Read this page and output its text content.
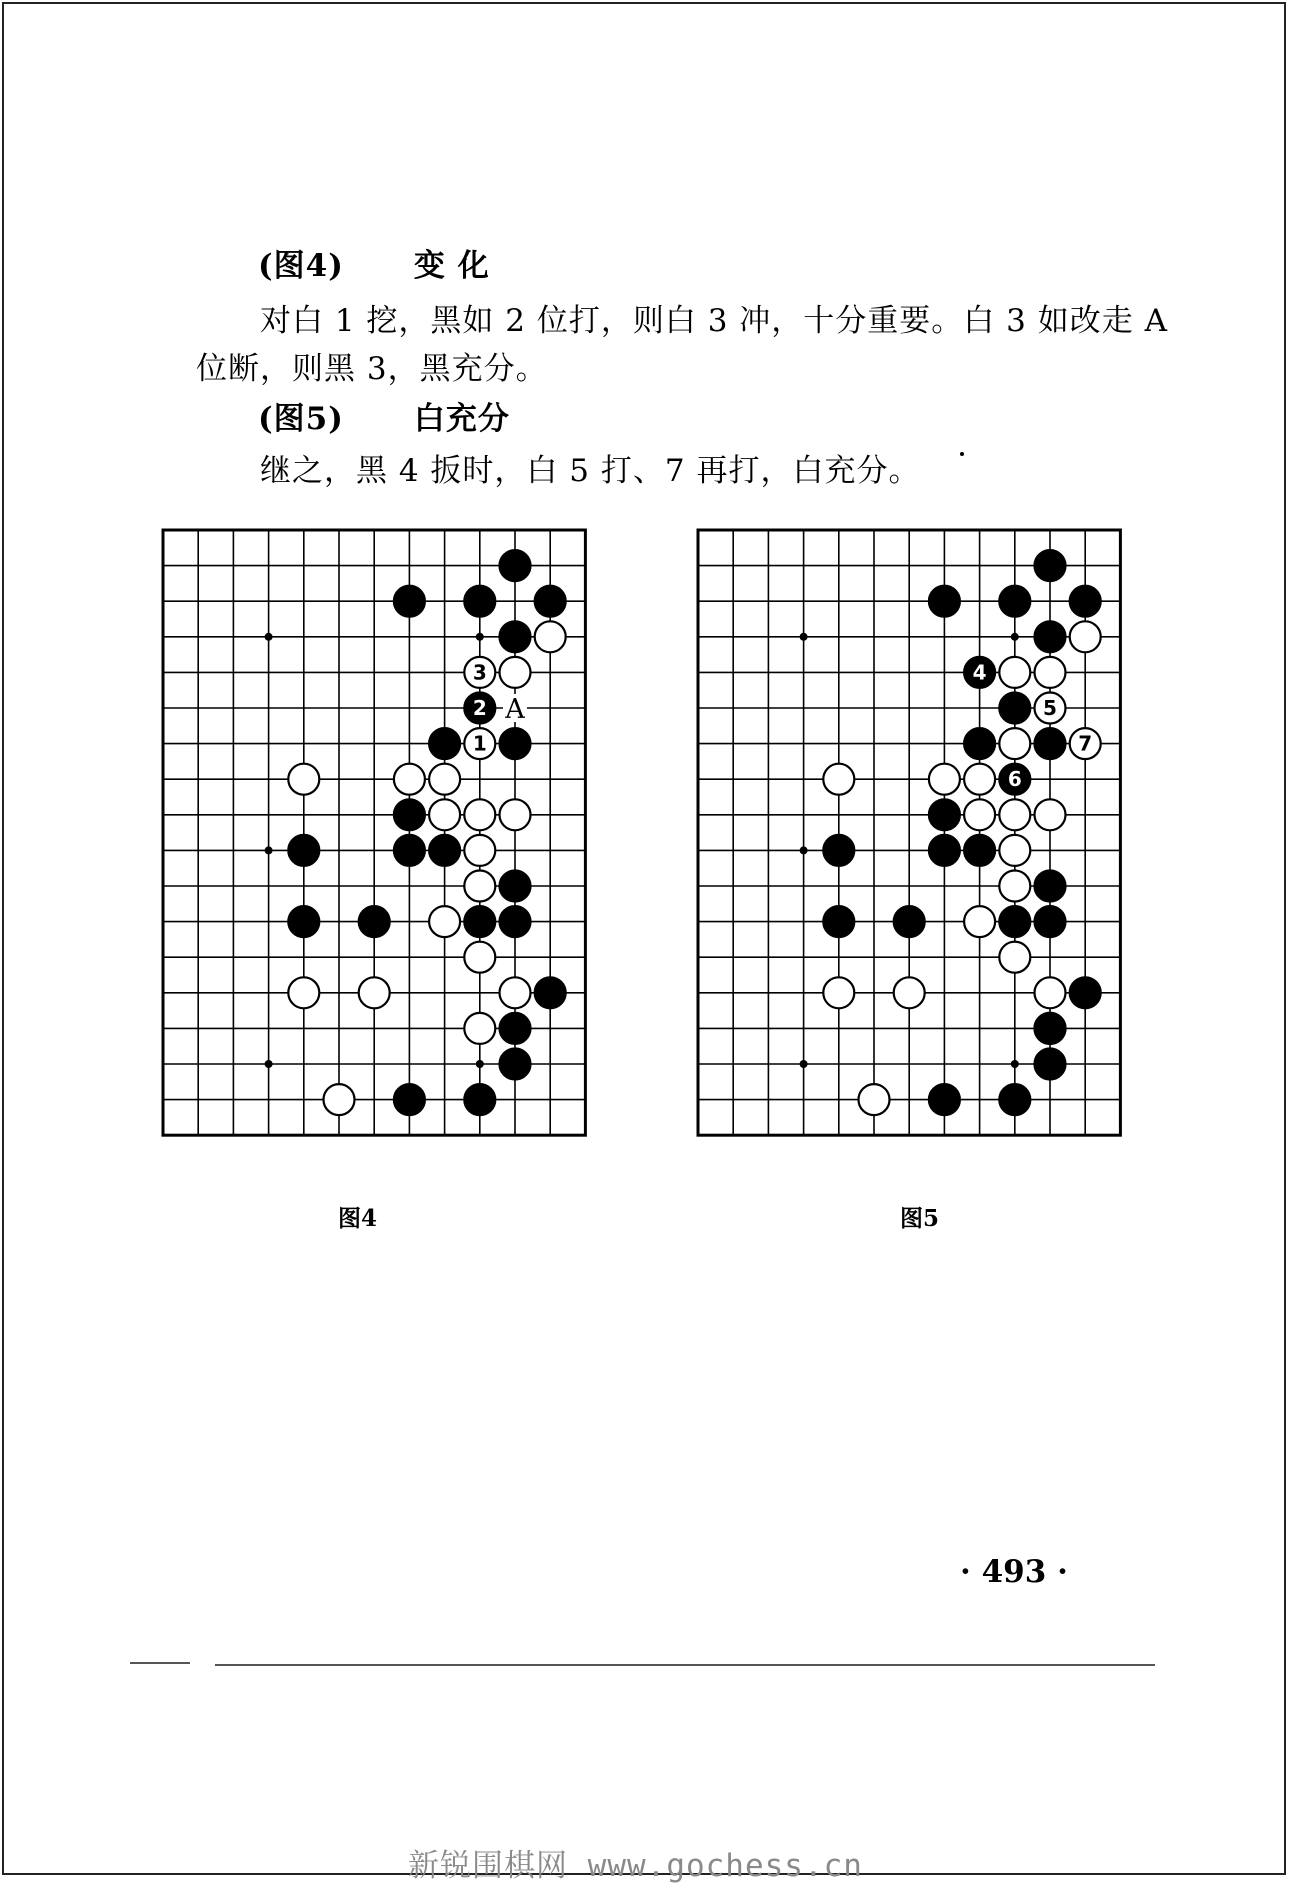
(图4) 变 化
对白 1 挖，黑如 2 位打，则白 3 冲，十分重要。白 3 如改走 A
位断，则黑 3，黑充分。
(图5) 白充分
继之，黑 4 扳时，白 5 打、7 再打，白充分。
3
2
1
A
4
5
7
6
图4	图5
· 493 ·
新锐围棋网 www.gochess.cn
